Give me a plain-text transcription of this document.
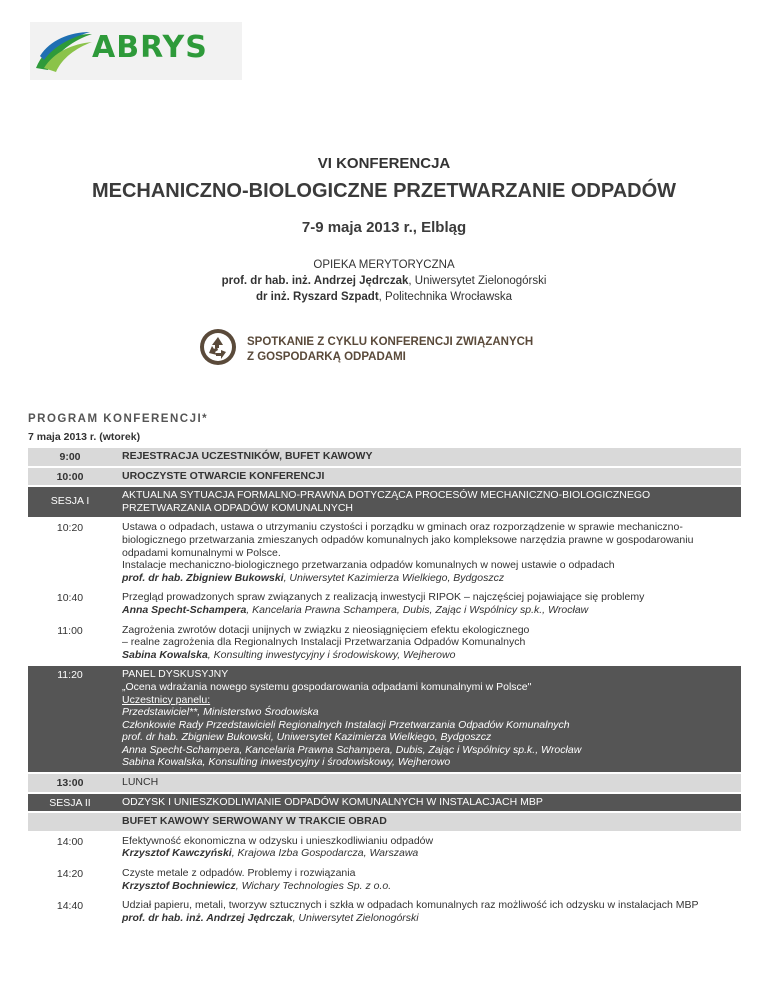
ABRYS
VI KONFERENCJA
MECHANICZNO-BIOLOGICZNE PRZETWARZANIE ODPADÓW
7-9 maja 2013 r., Elbląg
OPIEKA MERYTORYCZNA
prof. dr hab. inż. Andrzej Jędrczak, Uniwersytet Zielonogórski
dr inż. Ryszard Szpadt, Politechnika Wrocławska
SPOTKANIE Z CYKLU KONFERENCJI ZWIĄZANYCH
Z GOSPODARKĄ ODPADAMI
PROGRAM KONFERENCJI*
7 maja 2013 r. (wtorek)
9:00	REJESTRACJA UCZESTNIKÓW, BUFET KAWOWY
10:00	UROCZYSTE OTWARCIE KONFERENCJI
SESJA I	AKTUALNA SYTUACJA FORMALNO-PRAWNA DOTYCZĄCA PROCESÓW MECHANICZNO-BIOLOGICZNEGO PRZETWARZANIA ODPADÓW KOMUNALNYCH
10:20	Ustawa o odpadach, ustawa o utrzymaniu czystości i porządku w gminach oraz rozporządzenie w sprawie mechaniczno-biologicznego przetwarzania zmieszanych odpadów komunalnych jako kompleksowe narzędzia prawne w gospodarowaniu odpadami komunalnymi w Polsce.
Instalacje mechaniczno-biologicznego przetwarzania odpadów komunalnych w nowej ustawie o odpadach
prof. dr hab. Zbigniew Bukowski, Uniwersytet Kazimierza Wielkiego, Bydgoszcz
10:40	Przegląd prowadzonych spraw związanych z realizacją inwestycji RIPOK – najczęściej pojawiające się problemy
Anna Specht-Schampera, Kancelaria Prawna Schampera, Dubis, Zając i Wspólnicy sp.k., Wrocław
11:00	Zagrożenia zwrotów dotacji unijnych w związku z nieosiągnięciem efektu ekologicznego
– realne zagrożenia dla Regionalnych Instalacji Przetwarzania Odpadów Komunalnych
Sabina Kowalska, Konsulting inwestycyjny i środowiskowy, Wejherowo
11:20	PANEL DYSKUSYJNY
„Ocena wdrażania nowego systemu gospodarowania odpadami komunalnymi w Polsce"
Uczestnicy panelu:
Przedstawiciel**, Ministerstwo Środowiska
Członkowie Rady Przedstawicieli Regionalnych Instalacji Przetwarzania Odpadów Komunalnych
prof. dr hab. Zbigniew Bukowski, Uniwersytet Kazimierza Wielkiego, Bydgoszcz
Anna Specht-Schampera, Kancelaria Prawna Schampera, Dubis, Zając i Wspólnicy sp.k., Wrocław
Sabina Kowalska, Konsulting inwestycyjny i środowiskowy, Wejherowo
13:00	LUNCH
SESJA II	ODZYSK I UNIESZKODLIWIANIE ODPADÓW KOMUNALNYCH W INSTALACJACH MBP
BUFET KAWOWY SERWOWANY W TRAKCIE OBRAD
14:00	Efektywność ekonomiczna w odzysku i unieszkodliwianiu odpadów
Krzysztof Kawczyński, Krajowa Izba Gospodarcza, Warszawa
14:20	Czyste metale z odpadów. Problemy i rozwiązania
Krzysztof Bochniewicz, Wichary Technologies Sp. z o.o.
14:40	Udział papieru, metali, tworzyw sztucznych i szkła w odpadach komunalnych raz możliwość ich odzysku w instalacjach MBP
prof. dr hab. inż. Andrzej Jędrczak, Uniwersytet Zielonogórski
